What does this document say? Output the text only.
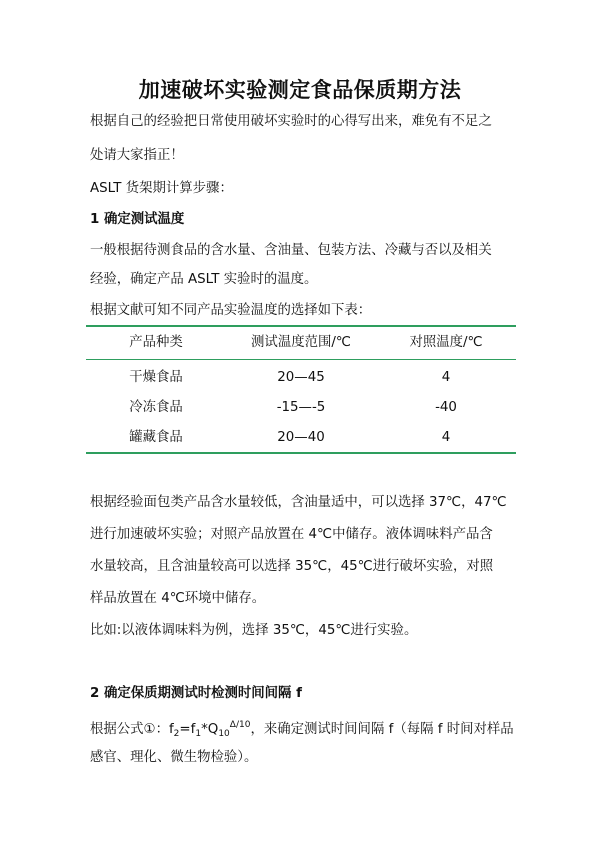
加速破坏实验测定食品保质期方法

根据自己的经验把日常使用破坏实验时的心得写出来，难免有不足之

处请大家指正！

ASLT 货架期计算步骤：

1 确定测试温度

一般根据待测食品的含水量、含油量、包装方法、冷藏与否以及相关

经验，确定产品 ASLT 实验时的温度。

根据文献可知不同产品实验温度的选择如下表：

产品种类	测试温度范围/℃	对照温度/℃
干燥食品	20—45	4
冷冻食品	-15—-5	-40
罐藏食品	20—40	4

根据经验面包类产品含水量较低，含油量适中，可以选择 37℃，47℃

进行加速破坏实验；对照产品放置在 4℃中储存。液体调味料产品含

水量较高，且含油量较高可以选择 35℃，45℃进行破坏实验，对照

样品放置在 4℃环境中储存。

比如:以液体调味料为例，选择 35℃，45℃进行实验。

2 确定保质期测试时检测时间间隔 f

根据公式①：$f_2=f_1*Q_{10}^{\Delta/10}$，来确定测试时间间隔 f（每隔 f 时间对样品

感官、理化、微生物检验）。
